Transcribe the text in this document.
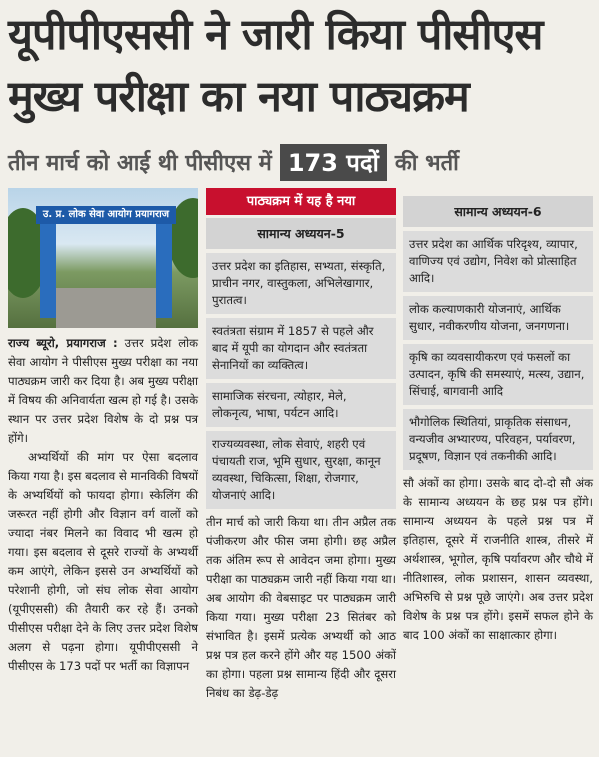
यूपीपीएससी ने जारी किया पीसीएस
मुख्य परीक्षा का नया पाठ्यक्रम
तीन मार्च को आई थी पीसीएस में 173 पदों की भर्ती
उ. प्र. लोक सेवा आयोग प्रयागराज

राज्य ब्यूरो, प्रयागराज : उत्तर प्रदेश लोक सेवा आयोग ने पीसीएस मुख्य परीक्षा का नया पाठ्यक्रम जारी कर दिया है। अब मुख्य परीक्षा में विषय की अनिवार्यता खत्म हो गई है। उसके स्थान पर उत्तर प्रदेश विशेष के दो प्रश्न पत्र होंगे।

अभ्यर्थियों की मांग पर ऐसा बदलाव किया गया है। इस बदलाव से मानविकी विषयों के अभ्यर्थियों को फायदा होगा। स्केलिंग की जरूरत नहीं होगी और विज्ञान वर्ग वालों को ज्यादा नंबर मिलने का विवाद भी खत्म हो गया। इस बदलाव से दूसरे राज्यों के अभ्यर्थी कम आएंगे, लेकिन इससे उन अभ्यर्थियों को परेशानी होगी, जो संघ लोक सेवा आयोग (यूपीएससी) की तैयारी कर रहे हैं। उनको पीसीएस परीक्षा देने के लिए उत्तर प्रदेश विशेष अलग से पढ़ना होगा। यूपीपीएससी ने पीसीएस के 173 पदों पर भर्ती का विज्ञापन

पाठ्यक्रम में यह है नया
सामान्य अध्ययन-5
उत्तर प्रदेश का इतिहास, सभ्यता, संस्कृति, प्राचीन नगर, वास्तुकला, अभिलेखागार, पुरातत्व।
स्वतंत्रता संग्राम में 1857 से पहले और बाद में यूपी का योगदान और स्वतंत्रता सेनानियों का व्यक्तित्व।
सामाजिक संरचना, त्योहार, मेले, लोकनृत्य, भाषा, पर्यटन आदि।
राज्यव्यवस्था, लोक सेवाएं, शहरी एवं पंचायती राज, भूमि सुधार, सुरक्षा, कानून व्यवस्था, चिकित्सा, शिक्षा, रोजगार, योजनाएं आदि।

तीन मार्च को जारी किया था। तीन अप्रैल तक पंजीकरण और फीस जमा होगी। छह अप्रैल तक अंतिम रूप से आवेदन जमा होगा। मुख्य परीक्षा का पाठ्यक्रम जारी नहीं किया गया था। अब आयोग की वेबसाइट पर पाठ्यक्रम जारी किया गया। मुख्य परीक्षा 23 सितंबर को संभावित है। इसमें प्रत्येक अभ्यर्थी को आठ प्रश्न पत्र हल करने होंगे और यह 1500 अंकों का होगा। पहला प्रश्न सामान्य हिंदी और दूसरा निबंध का डेढ़-डेढ़

सामान्य अध्ययन-6
उत्तर प्रदेश का आर्थिक परिदृश्य, व्यापार, वाणिज्य एवं उद्योग, निवेश को प्रोत्साहित आदि।
लोक कल्याणकारी योजनाएं, आर्थिक सुधार, नवीकरणीय योजना, जनगणना।
कृषि का व्यवसायीकरण एवं फसलों का उत्पादन, कृषि की समस्याएं, मत्स्य, उद्यान, सिंचाई, बागवानी आदि
भौगोलिक स्थितियां, प्राकृतिक संसाधन, वन्यजीव अभ्यारण्य, परिवहन, पर्यावरण, प्रदूषण, विज्ञान एवं तकनीकी आदि।

सौ अंकों का होगा। उसके बाद दो-दो सौ अंक के सामान्य अध्ययन के छह प्रश्न पत्र होंगे। सामान्य अध्ययन के पहले प्रश्न पत्र में इतिहास, दूसरे में राजनीति शास्त्र, तीसरे में अर्थशास्त्र, भूगोल, कृषि पर्यावरण और चौथे में नीतिशास्त्र, लोक प्रशासन, शासन व्यवस्था, अभिरुचि से प्रश्न पूछे जाएंगे। अब उत्तर प्रदेश विशेष के प्रश्न पत्र होंगे। इसमें सफल होने के बाद 100 अंकों का साक्षात्कार होगा।
